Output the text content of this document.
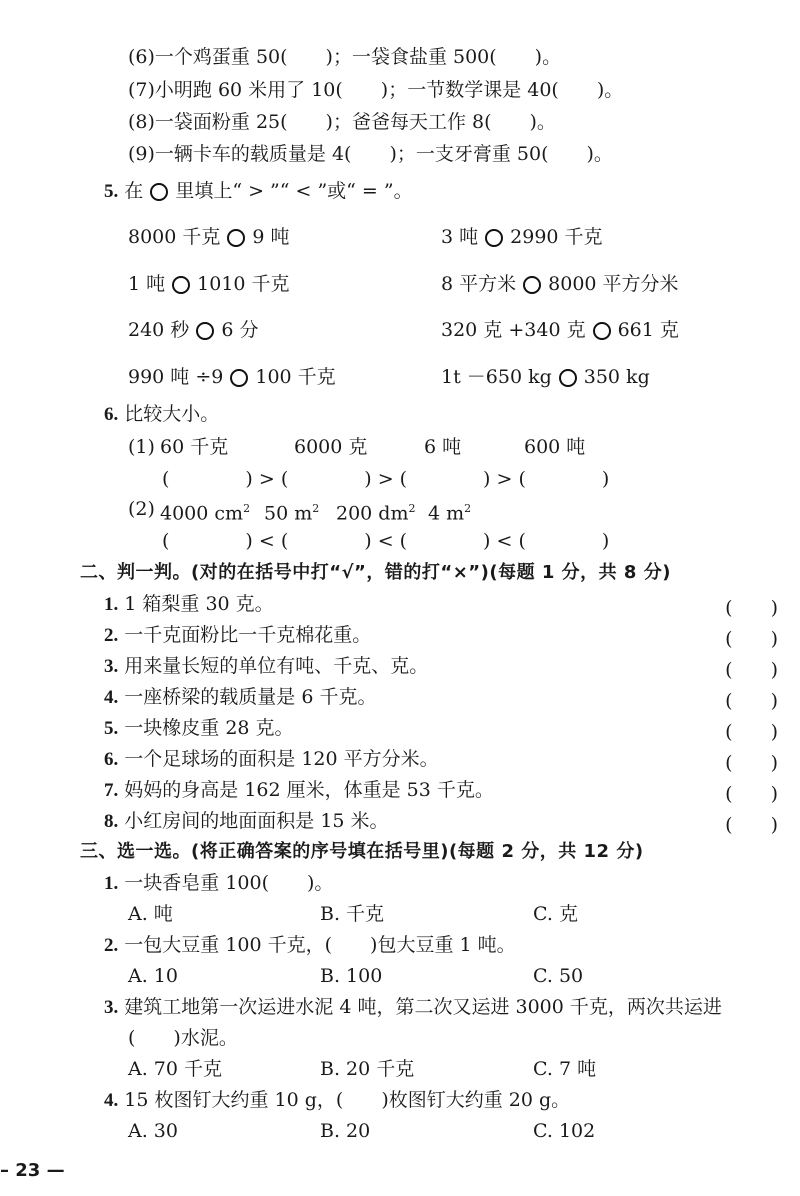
(6)一个鸡蛋重 50(　　)；一袋食盐重 500(　　)。
(7)小明跑 60 米用了 10(　　)；一节数学课是 40(　　)。
(8)一袋面粉重 25(　　)；爸爸每天工作 8(　　)。
(9)一辆卡车的载质量是 4(　　)；一支牙膏重 50(　　)。
5. 在 里填上“ > ”“ < ”或“ = ”。
8000 千克 9 吨	3 吨 2990 千克
1 吨 1010 千克	8 平方米 8000 平方分米
240 秒 6 分	320 克 +340 克 661 克
990 吨 ÷9 100 千克	1t －650 kg 350 kg
6. 比较大小。
(1) 60 千克	6000 克	6 吨	600 吨
(　　　　) > (　　　　) > (　　　　) > (　　　　)
(2) 4000 $cm^2$ 50 $m^2$ 200 $dm^2$ 4 $m^2$
(　　　　) < (　　　　) < (　　　　) < (　　　　)
二、判一判。(对的在括号中打“√”，错的打“×”)(每题 1 分，共 8 分)
1. 1 箱梨重 30 克。	(　　)
2. 一千克面粉比一千克棉花重。	(　　)
3. 用来量长短的单位有吨、千克、克。	(　　)
4. 一座桥梁的载质量是 6 千克。	(　　)
5. 一块橡皮重 28 克。	(　　)
6. 一个足球场的面积是 120 平方分米。	(　　)
7. 妈妈的身高是 162 厘米，体重是 53 千克。	(　　)
8. 小红房间的地面面积是 15 米。	(　　)
三、选一选。(将正确答案的序号填在括号里)(每题 2 分，共 12 分)
1. 一块香皂重 100(　　)。
A. 吨	B. 千克	C. 克
2. 一包大豆重 100 千克，(　　)包大豆重 1 吨。
A. 10	B. 100	C. 50
3. 建筑工地第一次运进水泥 4 吨，第二次又运进 3000 千克，两次共运进
(　　)水泥。
A. 70 千克	B. 20 千克	C. 7 吨
4. 15 枚图钉大约重 10 g，(　　)枚图钉大约重 20 g。
A. 30	B. 20	C. 102
– 23 —
